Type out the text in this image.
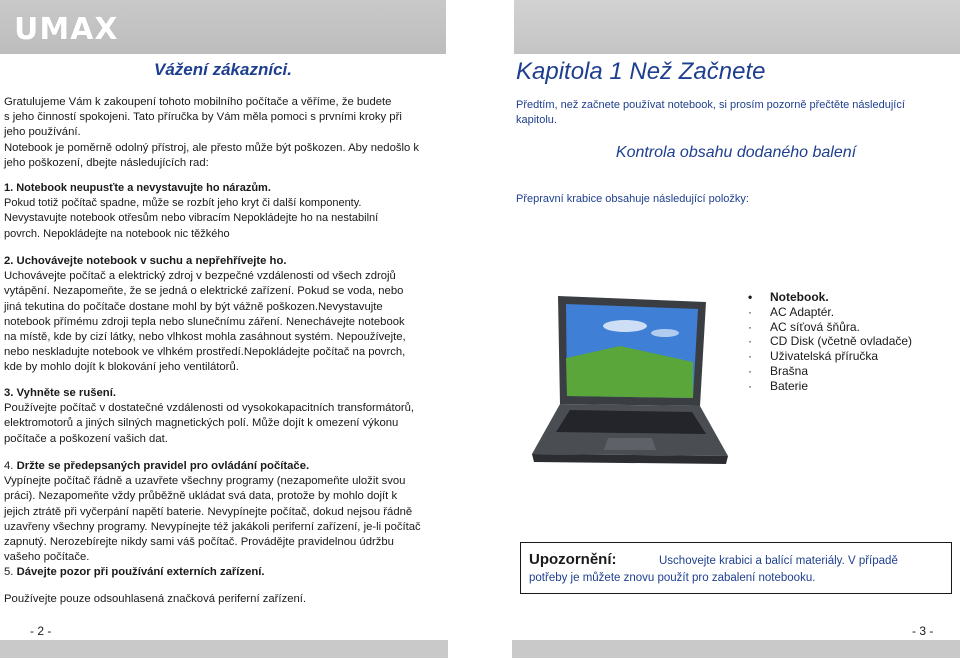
UMAX
Vážení zákazníci.
Gratulujeme Vám k zakoupení tohoto mobilního počítače a věříme, že budete
s jeho činností spokojeni. Tato příručka by Vám měla pomoci s prvními kroky při
jeho používání.
Notebook je poměrně odolný přístroj, ale přesto může být poškozen. Aby nedošlo k
jeho poškození, dbejte následujících rad:
1. Notebook neupusťte a nevystavujte ho nárazům.
Pokud totiž počítač spadne, může se rozbít jeho kryt či další komponenty.
Nevystavujte notebook otřesům nebo vibracím Nepokládejte ho na nestabilní
povrch. Nepokládejte na notebook nic těžkého
2. Uchovávejte notebook v suchu a nepřehřívejte ho.
Uchovávejte počítač a elektrický zdroj v bezpečné vzdálenosti od všech zdrojů
vytápění. Nezapomeňte, že se jedná o elektrické zařízení. Pokud se voda, nebo
jiná tekutina do počítače dostane mohl by být vážně poškozen.Nevystavujte
notebook přímému zdroji tepla nebo slunečnímu záření. Nenechávejte notebook
na místě, kde by cizí látky, nebo vlhkost mohla zasáhnout systém. Nepoužívejte,
nebo neskladujte notebook ve vlhkém prostředí.Nepokládejte počítač na povrch,
kde by mohlo dojít k blokování jeho ventilátorů.
3. Vyhněte se rušení.
Používejte počítač v dostatečné vzdálenosti od vysokokapacitních transformátorů,
elektromotorů a jiných silných magnetických polí. Může dojít k omezení výkonu
počítače a poškození vašich dat.
4. Držte se předepsaných pravidel pro ovládání počítače.
Vypínejte počítač řádně a uzavřete všechny programy (nezapomeňte uložit svou
práci). Nezapomeňte vždy průběžně ukládat svá data, protože by mohlo dojít k
jejich ztrátě při vyčerpání napětí baterie. Nevypínejte počítač, dokud nejsou řádně
uzavřeny všechny programy. Nevypínejte též jakákoli periferní zařízení, je-li počítač
zapnutý. Nerozebírejte nikdy sami váš počítač. Provádějte pravidelnou údržbu
vašeho počítače.
5. Dávejte pozor při používání externích zařízení.
Používejte pouze odsouhlasená značková periferní zařízení.
- 2 -
Kapitola 1 Než Začnete
Předtím, než začnete používat notebook, si prosím pozorně přečtěte následující
kapitolu.
Kontrola obsahu dodaného balení
Přepravní krabice obsahuje následující položky:
• Notebook.
· AC Adaptér.
· AC síťová šňůra.
· CD Disk (včetně ovladače)
· Uživatelská příručka
· Brašna
· Baterie
Upozornění:	Uschovejte krabici a balící materiály. V případě
potřeby je můžete znovu použít pro zabalení notebooku.
- 3 -
